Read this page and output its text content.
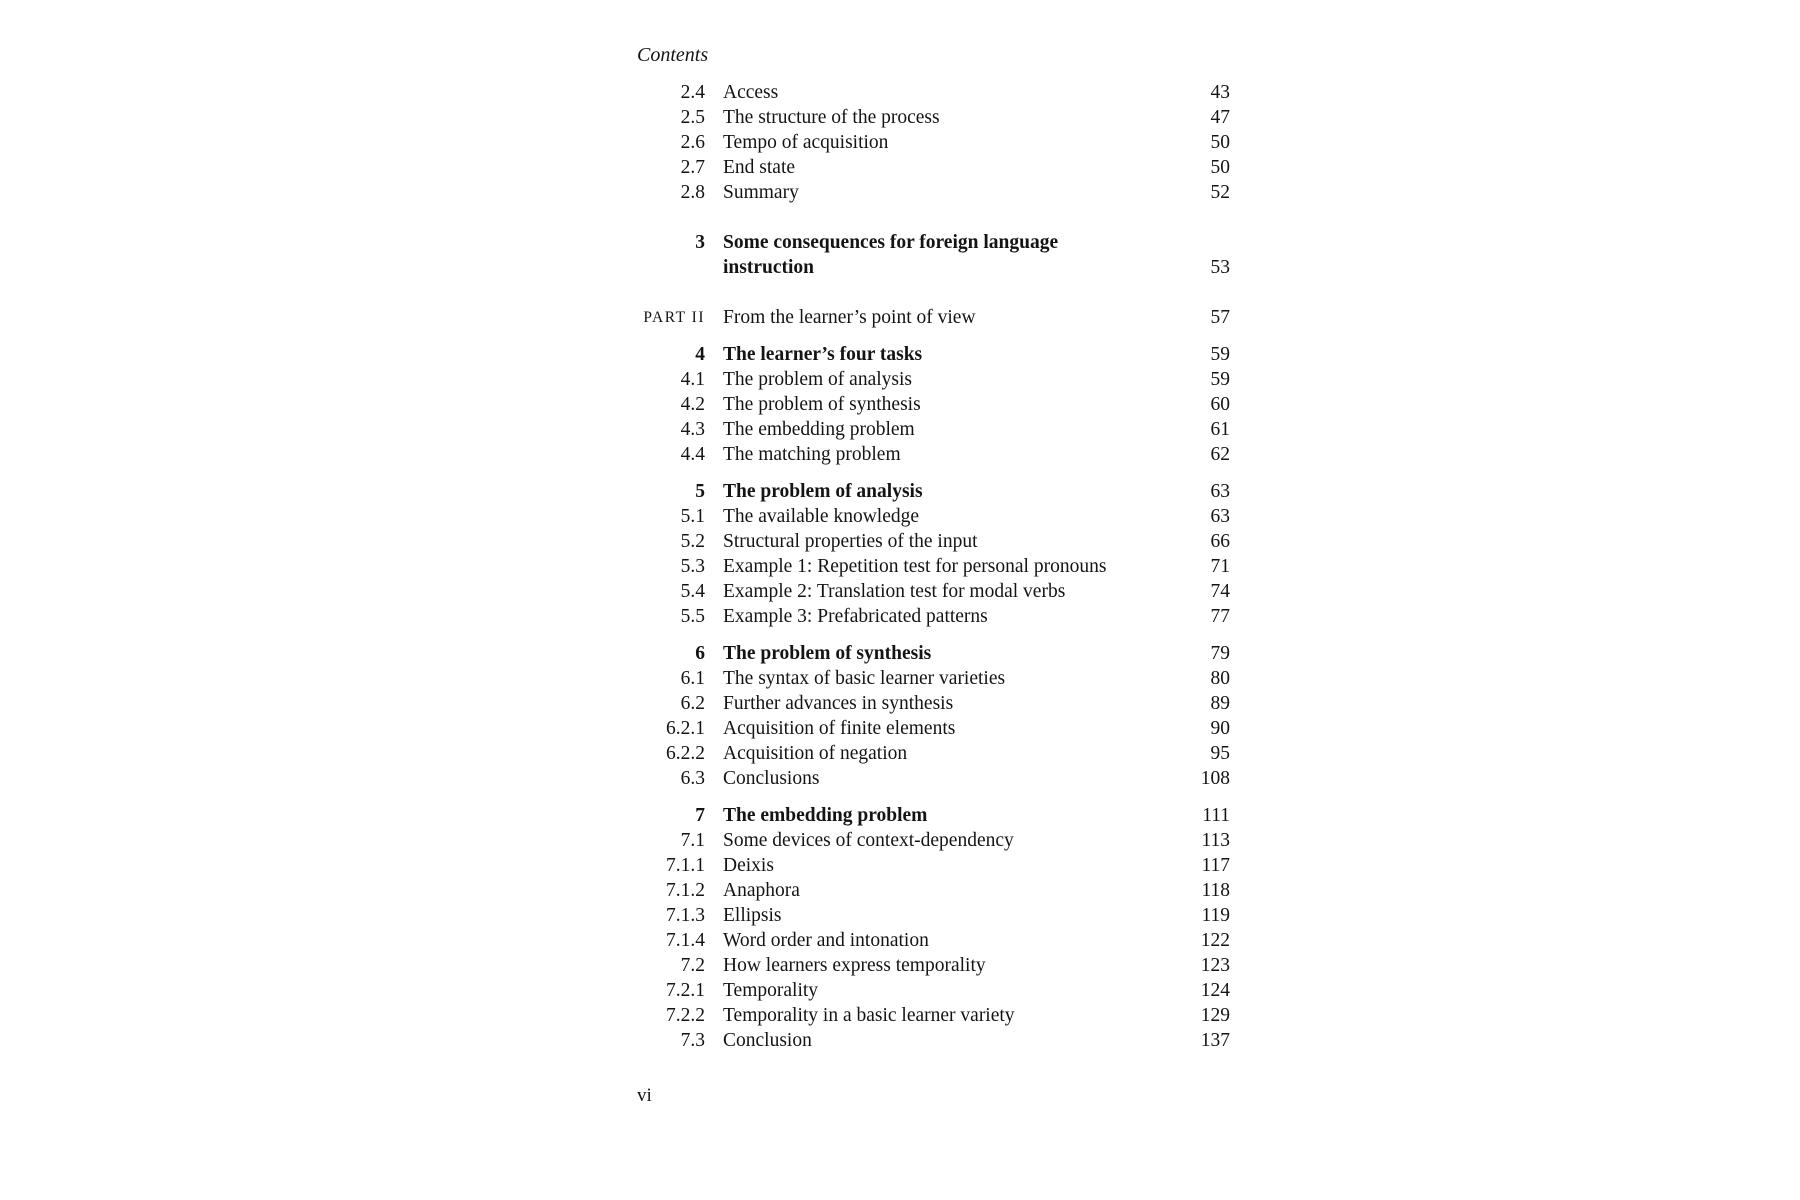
Contents
2.4 Access	43
2.5 The structure of the process	47
2.6 Tempo of acquisition	50
2.7 End state	50
2.8 Summary	52
3 Some consequences for foreign language instruction	53
PART II From the learner’s point of view	57
4 The learner’s four tasks	59
4.1 The problem of analysis	59
4.2 The problem of synthesis	60
4.3 The embedding problem	61
4.4 The matching problem	62
5 The problem of analysis	63
5.1 The available knowledge	63
5.2 Structural properties of the input	66
5.3 Example 1: Repetition test for personal pronouns	71
5.4 Example 2: Translation test for modal verbs	74
5.5 Example 3: Prefabricated patterns	77
6 The problem of synthesis	79
6.1 The syntax of basic learner varieties	80
6.2 Further advances in synthesis	89
6.2.1 Acquisition of finite elements	90
6.2.2 Acquisition of negation	95
6.3 Conclusions	108
7 The embedding problem	111
7.1 Some devices of context-dependency	113
7.1.1 Deixis	117
7.1.2 Anaphora	118
7.1.3 Ellipsis	119
7.1.4 Word order and intonation	122
7.2 How learners express temporality	123
7.2.1 Temporality	124
7.2.2 Temporality in a basic learner variety	129
7.3 Conclusion	137
vi
